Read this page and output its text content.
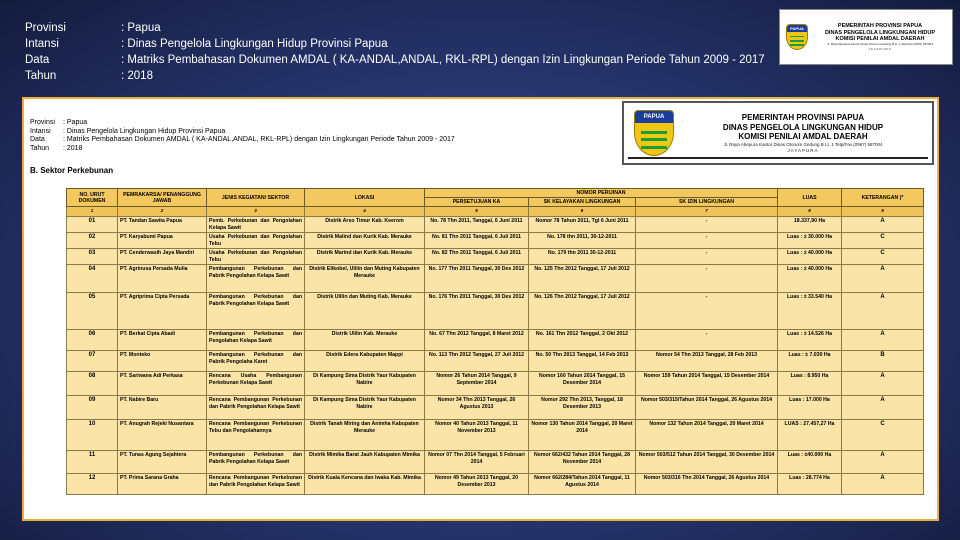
Provinsi	: Papua
Intansi	: Dinas Pengelola Lingkungan Hidup Provinsi Papua
Data	: Matriks Pembahasan Dokumen AMDAL ( KA-ANDAL,ANDAL, RKL-RPL) dengan Izin Lingkungan Periode Tahun 2009 - 2017
Tahun	: 2018
PAPUA	PEMERINTAH PROVINSI PAPUA
DINAS PENGELOLA LINGKUNGAN HIDUP
KOMISI PENILAI AMDAL DAERAH
Jl. Raya Abepura Kantor Dinas Otonom Gedung B Lt. 1 Telp/Fax.(0967) 587004
JAYAPURA
Provinsi	: Papua
Intansi	: Dinas Pengelola Lingkungan Hidup Provinsi Papua
Data	: Matriks Pembahasan Dokumen AMDAL ( KA-ANDAL,ANDAL, RKL-RPL) dengan Izin Lingkungan Periode Tahun 2009 - 2017
Tahun	: 2018
B. Sektor Perkebunan
NO. URUT DOKUMEN	PEMRAKARSA/ PENANGGUNG JAWAB	JENIS KEGIATAN/ SEKTOR	LOKASI	NOMOR PERIJINAN			LUAS	KETERANGAN )*
				PERSETUJUAN KA	SK KELAYAKAN LINGKUNGAN	SK IZIN LINGKUNGAN		
1	2	3	4	5	6	7	8	9
01	PT. Tandan Sawita Papua	Pemb. Perkebunan dan Pengolahan Kelapa Sawit	Distrik Arso Timur Kab. Keerom	No. 78 Thn 2011, Tanggal, 6 Juni 2011	Nomor 78 Tahun 2011, Tgl 6 Juni 2011	-	18.337,90 Ha	A
02	PT. Karyabumi Papua	Usaha Perkebunan dan Pengolahan Tebu	Distrik Malind dan Kurik Kab. Merauke	No. 81 Thn 2011 Tanggal, 6 Juli 2011	No. 178 thn 2011, 30-12-2011	-	Luas : ± 30.000 Ha	C
03	PT. Cenderwasih Jaya Mandiri	Usaha Perkebunan dan Pengolahan Tebu	Distrik Marind dan Kurik Kab. Merauke	No. 82 Thn 2011 Tanggal, 6 Juli 2011	No. 179 thn 2011 30-12-2011	-	Luas : ± 40.000 Ha	C
04	PT. Agrinusa Persada Mulia	Pembangunan Perkebunan dan Pabrik Pengolahan Kelapa Sawit	Distrik Elikobel, Ulilin dan Muting Kabupaten Merauke	No. 177 Thn 2011 Tanggal, 30 Des 2012	No. 125 Thn 2012 Tanggal, 17 Juli 2012	-	Luas : ± 40.000 Ha	A
05	PT. Agriprima Cipta Persada	Pembangunan Perkebunan dan Pabrik Pengolahan Kelapa Sawit	Distrik Ulilin dan Muting Kab. Merauke	No. 176 Thn 2011 Tanggal, 30 Des 2012	No. 126 Thn 2012 Tanggal, 17 Juli 2012	-	Luas : ± 33.540 Ha	A
06	PT. Berkat Cipta Abadi	Pembangunan Perkebunan dan Pengolahan Kelapa Sawit	Distrik Ulilin Kab. Merauke	No. 67 Thn 2012 Tanggal, 8 Maret 2012	No. 161 Thn 2012 Tanggal, 2 Okt 2012	-	Luas : ± 14.526 Ha	A
07	PT. Monteko	Pembangunan Perkebunan dan Pabrik Pengolaha Karet	Distrik Edera Kabupaten Mappi	No. 113 Thn 2012 Tanggal, 27 Juli 2012	No. 50 Thn 2013 Tanggal, 14 Feb 2013	Nomor 54 Thn 2013 Tanggal, 28 Feb 2013	Luas : ± 7.030 Ha	B
08	PT. Sariwana Adi Perkasa	Rencana Usaha Pembangunan Perkebunan Kelapa Sawit	Di Kampung Sima Distrik Yaur Kabupaten Nabire	Nomor 26 Tahun 2014 Tanggal, 9 September 2014	Nomor 160 Tahun 2014 Tanggal, 15 Desember 2014	Nomor 159 Tahun 2014 Tanggal, 15 Desember 2014	Luas : 8.950 Ha	A
09	PT. Nabire Baru	Rencana Pembangunan Perkebunan dan Pabrik Pengolahan Kelapa Sawit	Di Kampung Sima Distrik Yaur Kabupaten Nabire	Nomor 34 Thn 2013 Tanggal, 26 Agustus 2013	Nomor 292 Thn 2013, Tanggal, 18 Desember 2013	Nomor 503/315/Tahun 2014 Tanggal, 26 Agustus 2014	Luas : 17.000 Ha	A
10	PT. Anugrah Rejeki Nusantara	Rencana Pembangunan Perkebunan Tebu dan Pengolahannya	Distrik Tanah Miring dan Animha Kabupaten Merauke	Nomor 40 Tahun 2013 Tanggal, 11 November 2013	Nomor 130 Tahun 2014 Tanggal, 20 Maret 2014	Nomor 132 Tahun 2014 Tanggal, 20 Maret 2014	LUAS : 27.457,27 Ha	C
11	PT. Tunas Agung Sejahtera	Pembangunan Perkebunan dan Pabrik Pengolahan Kelapa Sawit	Distrik Mimika Barat Jauh Kabupaten Mimika	Nomor 07 Thn 2014 Tanggal, 5 Februari 2014	Nomor 662/432 Tahun 2014 Tanggal, 28 November 2014	Nomor 503/512 Tahun 2014 Tanggal, 30 Desember 2014	Luas : ±40.000 Ha	A
12	PT. Prima Sarana Graha	Rencana Pembangunan Perkebunan dan Pabrik Pengolahan Kelapa Sawit	Distrik Kuala Kencana dan Iwaka Kab. Mimika	Nomor 49 Tahun 2013 Tanggal, 20 Desember 2013	Nomor 662/284/Tahun 2014 Tanggal, 11 Agustus 2014	Nomor 503/316 Thn 2014 Tanggal, 26 Agustus 2014	Luas : 28.774 Ha	A
PAPUA	PEMERINTAH PROVINSI PAPUA
DINAS PENGELOLA LINGKUNGAN HIDUP
KOMISI PENILAI AMDAL DAERAH
Jl. Raya Abepura Kantor Dinas Otonom Gedung B Lt. 1 Telp/Fax.(0967) 587004
JAYAPURA
